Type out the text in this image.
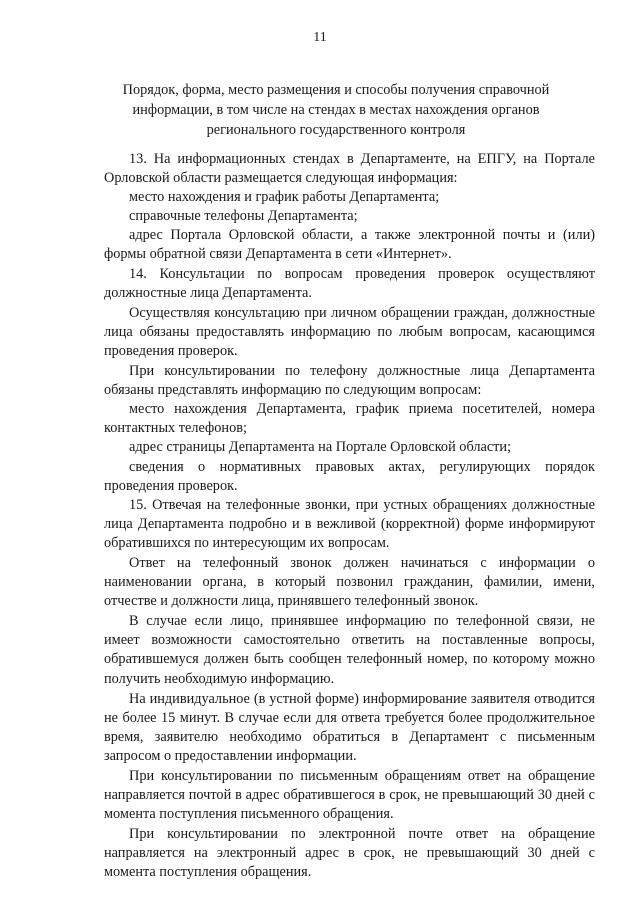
11
Порядок, форма, место размещения и способы получения справочной информации, в том числе на стендах в местах нахождения органов регионального государственного контроля

13. На информационных стендах в Департаменте, на ЕПГУ, на Портале Орловской области размещается следующая информация:

место нахождения и график работы Департамента;

справочные телефоны Департамента;

адрес Портала Орловской области, а также электронной почты и (или) формы обратной связи Департамента в сети «Интернет».

14. Консультации по вопросам проведения проверок осуществляют должностные лица Департамента.

Осуществляя консультацию при личном обращении граждан, должностные лица обязаны предоставлять информацию по любым вопросам, касающимся проведения проверок.

При консультировании по телефону должностные лица Департамента обязаны представлять информацию по следующим вопросам:

место нахождения Департамента, график приема посетителей, номера контактных телефонов;

адрес страницы Департамента на Портале Орловской области;

сведения о нормативных правовых актах, регулирующих порядок проведения проверок.

15. Отвечая на телефонные звонки, при устных обращениях должностные лица Департамента подробно и в вежливой (корректной) форме информируют обратившихся по интересующим их вопросам.

Ответ на телефонный звонок должен начинаться с информации о наименовании органа, в который позвонил гражданин, фамилии, имени, отчестве и должности лица, принявшего телефонный звонок.

В случае если лицо, принявшее информацию по телефонной связи, не имеет возможности самостоятельно ответить на поставленные вопросы, обратившемуся должен быть сообщен телефонный номер, по которому можно получить необходимую информацию.

На индивидуальное (в устной форме) информирование заявителя отводится не более 15 минут. В случае если для ответа требуется более продолжительное время, заявителю необходимо обратиться в Департамент с письменным запросом о предоставлении информации.

При консультировании по письменным обращениям ответ на обращение направляется почтой в адрес обратившегося в срок, не превышающий 30 дней с момента поступления письменного обращения.

При консультировании по электронной почте ответ на обращение направляется на электронный адрес в срок, не превышающий 30 дней с момента поступления обращения.
